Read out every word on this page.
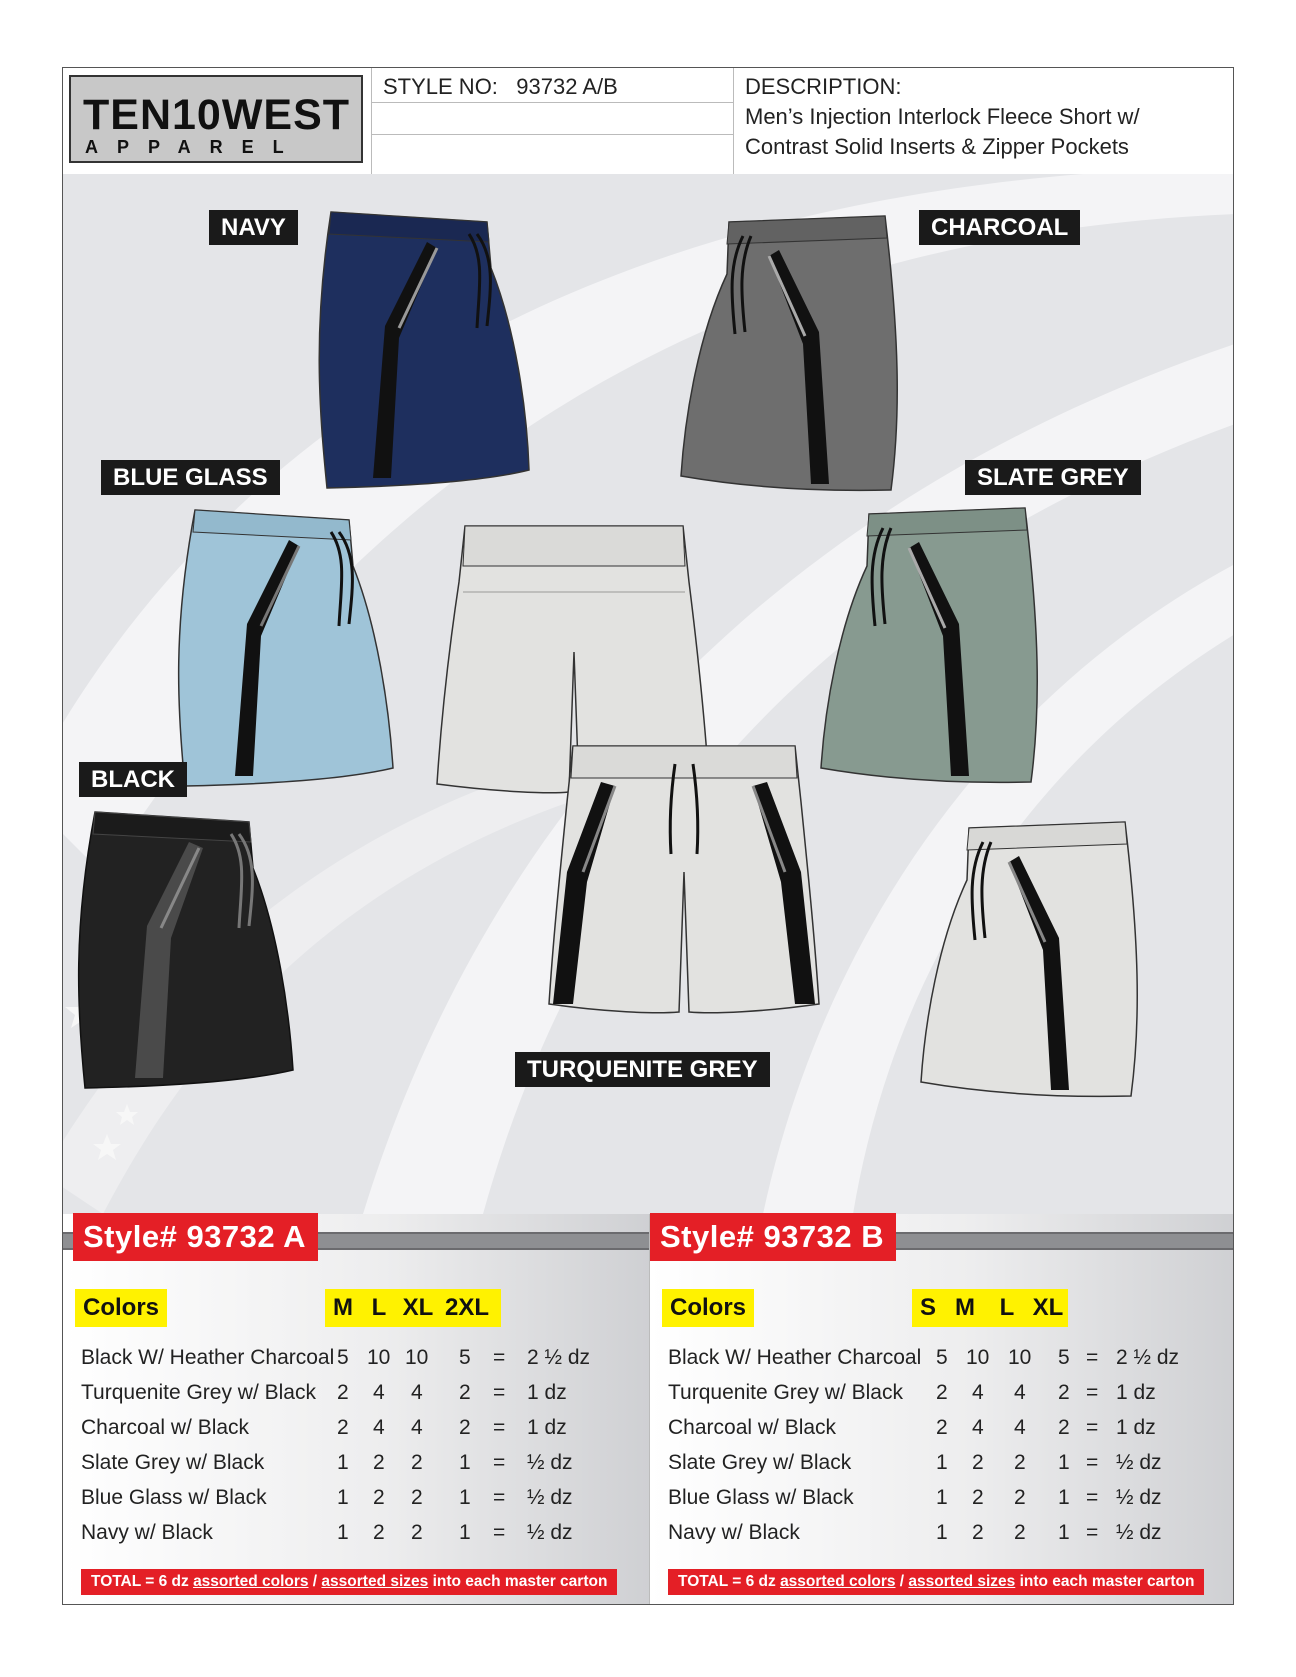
TEN10WEST
APPAREL
STYLE NO: 93732 A/B	DESCRIPTION:
Men’s Injection Interlock Fleece Short w/
Contrast Solid Inserts & Zipper Pockets
NAVY	CHARCOAL
BLUE GLASS	SLATE GREY
BLACK
TURQUENITE GREY
Style# 93732 A
Colors	M L XL 2XL
Black W/ Heather Charcoal 5 10 10 5 = 2 ½ dz
Turquenite Grey w/ Black 2 4 4 2 = 1 dz
Charcoal w/ Black	2 4 4 2 = 1 dz
Slate Grey w/ Black	1 2 2 1 = ½ dz
Blue Glass w/ Black	1 2 2 1 = ½ dz
Navy w/ Black	1 2 2 1 = ½ dz
TOTAL = 6 dz assorted colors / assorted sizes into each master carton
Style# 93732 B
Colors	S M	L XL
Black W/ Heather Charcoal 5 10 10 5 = 2 ½ dz
Turquenite Grey w/ Black 2 4 4 2 = 1 dz
Charcoal w/ Black	2 4 4 2 = 1 dz
Slate Grey w/ Black	1 2 2 1 = ½ dz
Blue Glass w/ Black	1 2 2 1 = ½ dz
Navy w/ Black	1 2 2 1 = ½ dz
TOTAL = 6 dz assorted colors / assorted sizes into each master carton
